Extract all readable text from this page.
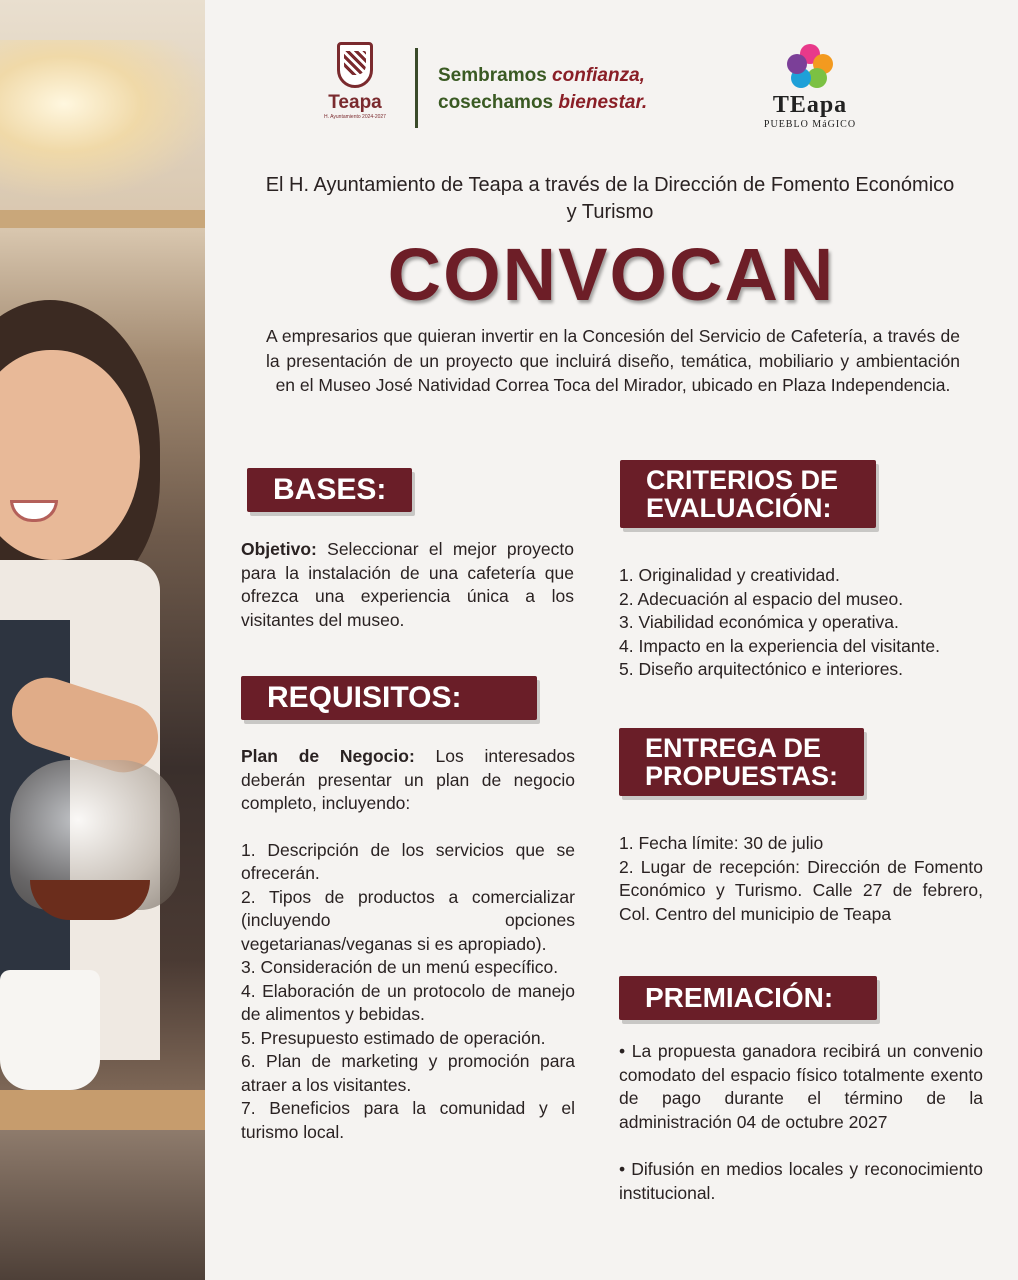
Teapa
H. Ayuntamiento 2024-2027
Sembramos confianza,
cosechamos bienestar.	TEapa
PUEBLO MáGICO
El H. Ayuntamiento de Teapa a través de la Dirección de Fomento Económico y Turismo
CONVOCAN
A empresarios que quieran invertir en la Concesión del Servicio de Cafetería, a través de la presentación de un proyecto que incluirá diseño, temática, mobiliario y ambientación en el Museo José Natividad Correa Toca del Mirador, ubicado en Plaza Independencia.
BASES:

Objetivo: Seleccionar el mejor proyecto para la instalación de una cafetería que ofrezca una experiencia única a los visitantes del museo.

REQUISITOS:

Plan de Negocio: Los interesados deberán presentar un plan de negocio completo, incluyendo:

1. Descripción de los servicios que se ofrecerán.
2. Tipos de productos a comercializar (incluyendo opciones vegetarianas/veganas si es apropiado).
3. Consideración de un menú específico.
4. Elaboración de un protocolo de manejo de alimentos y bebidas.
5. Presupuesto estimado de operación.
6. Plan de marketing y promoción para atraer a los visitantes.
7. Beneficios para la comunidad y el turismo local.
CRITERIOS DE
EVALUACIÓN:
1. Originalidad y creatividad.
2. Adecuación al espacio del museo.
3. Viabilidad económica y operativa.
4. Impacto en la experiencia del visitante.
5. Diseño arquitectónico e interiores.
ENTREGA DE
PROPUESTAS:
1. Fecha límite: 30 de julio
2. Lugar de recepción: Dirección de Fomento Económico y Turismo. Calle 27 de febrero, Col. Centro del municipio de Teapa
PREMIACIÓN:
• La propuesta ganadora recibirá un convenio comodato del espacio físico totalmente exento de pago durante el término de la administración 04 de octubre 2027
• Difusión en medios locales y reconocimiento institucional.
